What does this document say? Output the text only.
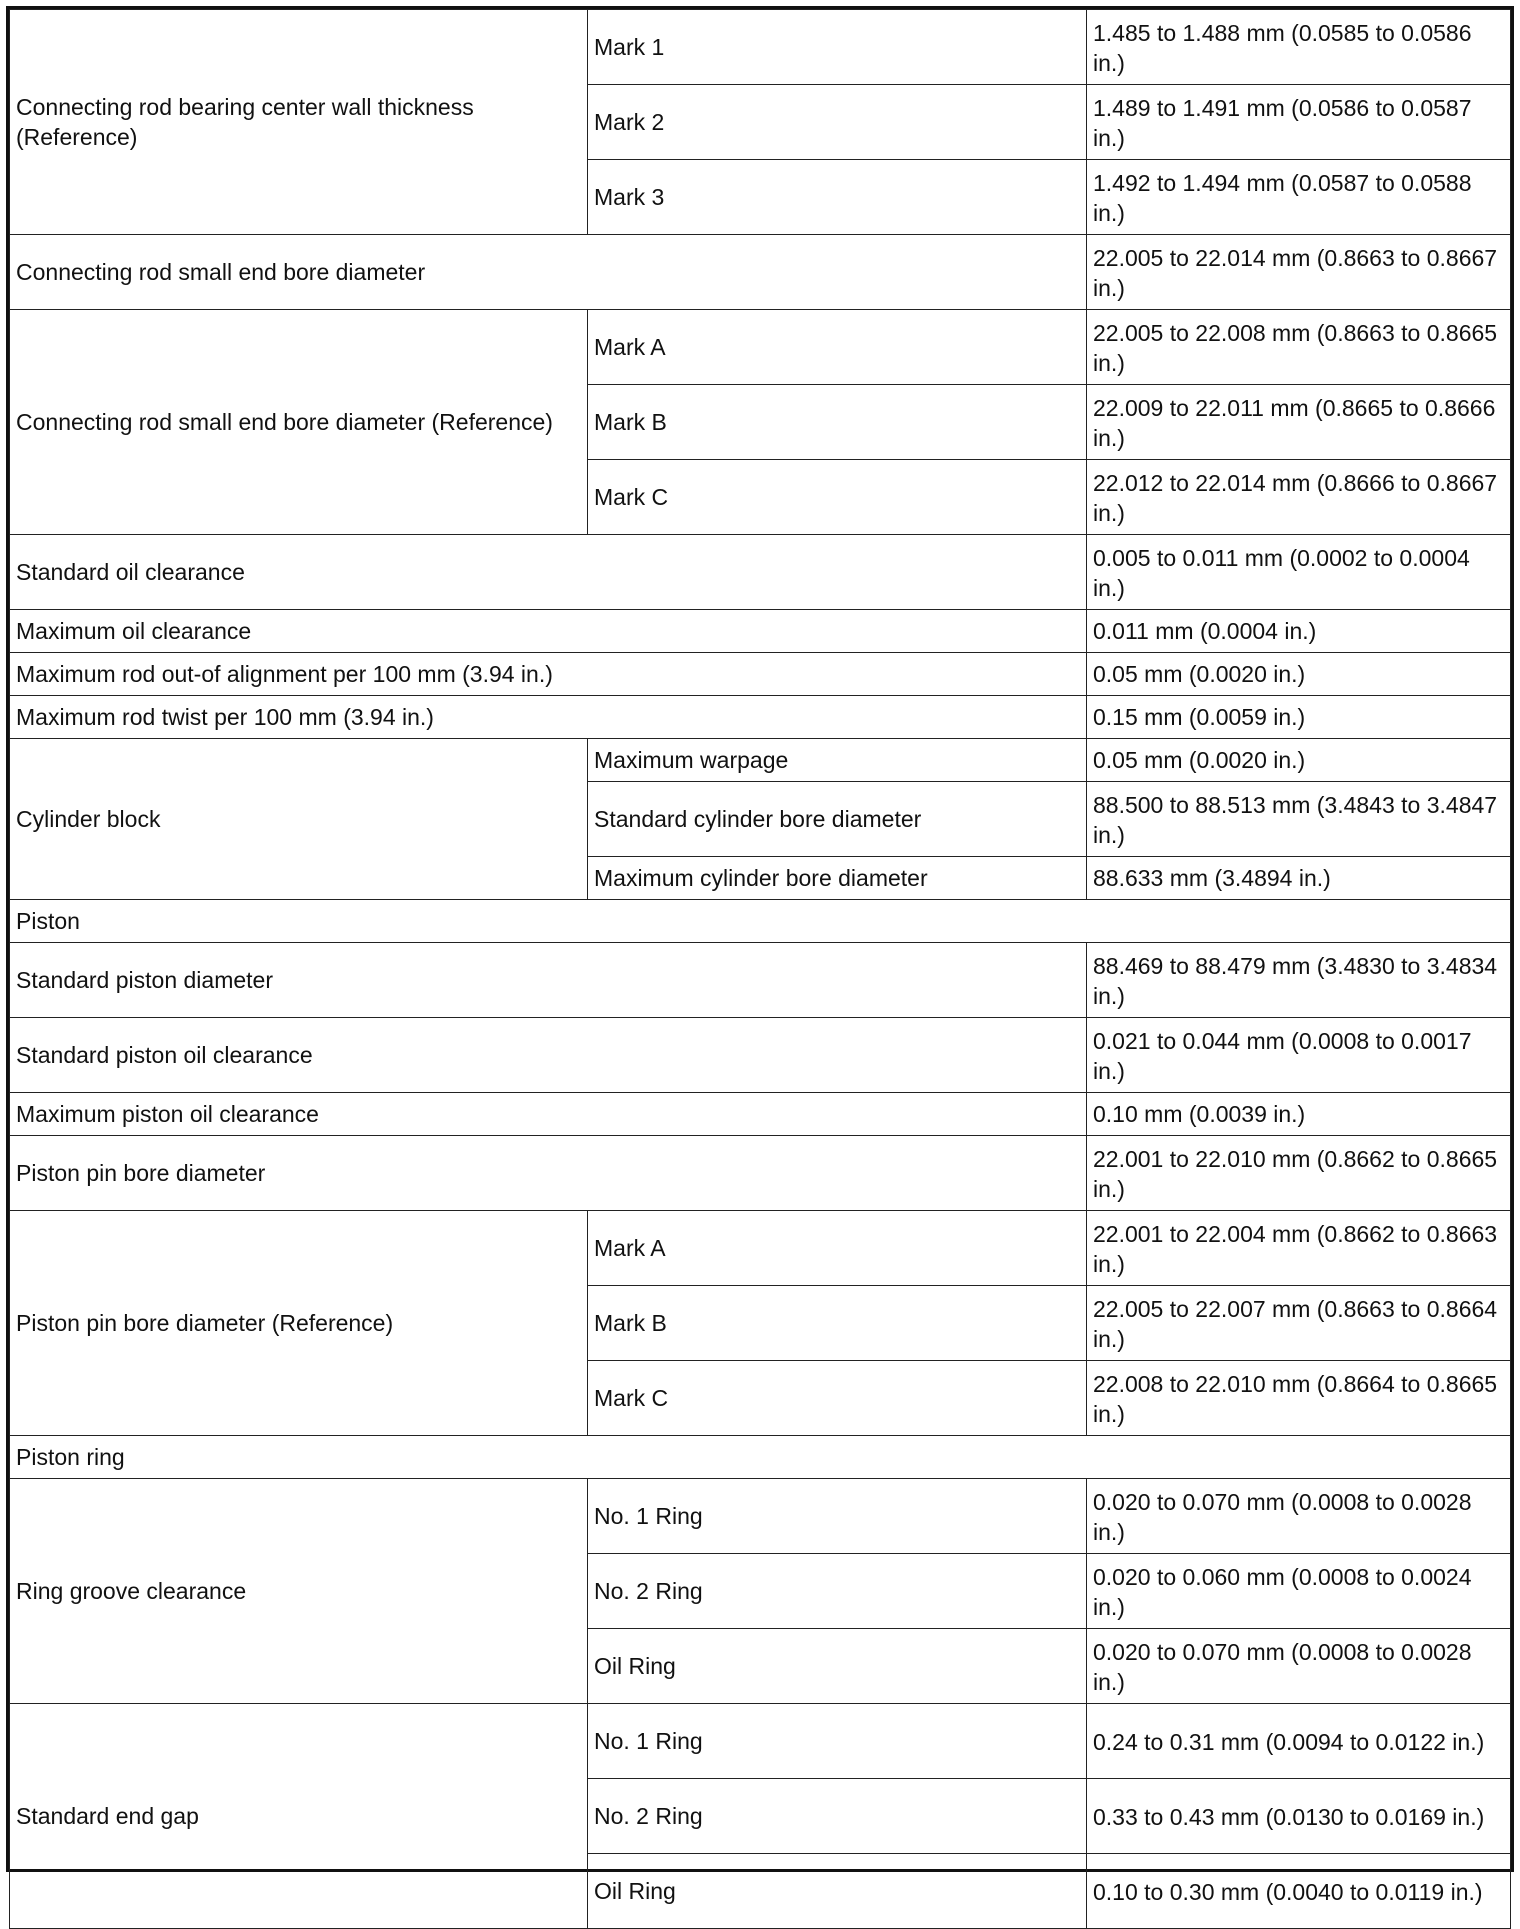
Connecting rod bearing center wall thickness (Reference)	Mark 1	1.485 to 1.488 mm (0.0585 to 0.0586 in.)
	Mark 2	1.489 to 1.491 mm (0.0586 to 0.0587 in.)
	Mark 3	1.492 to 1.494 mm (0.0587 to 0.0588 in.)
Connecting rod small end bore diameter		22.005 to 22.014 mm (0.8663 to 0.8667 in.)
Connecting rod small end bore diameter (Reference)	Mark A	22.005 to 22.008 mm (0.8663 to 0.8665 in.)
	Mark B	22.009 to 22.011 mm (0.8665 to 0.8666 in.)
	Mark C	22.012 to 22.014 mm (0.8666 to 0.8667 in.)
Standard oil clearance		0.005 to 0.011 mm (0.0002 to 0.0004 in.)
Maximum oil clearance		0.011 mm (0.0004 in.)
Maximum rod out-of alignment per 100 mm (3.94 in.)		0.05 mm (0.0020 in.)
Maximum rod twist per 100 mm (3.94 in.)		0.15 mm (0.0059 in.)
Cylinder block	Maximum warpage	0.05 mm (0.0020 in.)
	Standard cylinder bore diameter	88.500 to 88.513 mm (3.4843 to 3.4847 in.)
	Maximum cylinder bore diameter	88.633 mm (3.4894 in.)
Piston		
Standard piston diameter		88.469 to 88.479 mm (3.4830 to 3.4834 in.)
Standard piston oil clearance		0.021 to 0.044 mm (0.0008 to 0.0017 in.)
Maximum piston oil clearance		0.10 mm (0.0039 in.)
Piston pin bore diameter		22.001 to 22.010 mm (0.8662 to 0.8665 in.)
Piston pin bore diameter (Reference)	Mark A	22.001 to 22.004 mm (0.8662 to 0.8663 in.)
	Mark B	22.005 to 22.007 mm (0.8663 to 0.8664 in.)
	Mark C	22.008 to 22.010 mm (0.8664 to 0.8665 in.)
Piston ring		
Ring groove clearance	No. 1 Ring	0.020 to 0.070 mm (0.0008 to 0.0028 in.)
	No. 2 Ring	0.020 to 0.060 mm (0.0008 to 0.0024 in.)
	Oil Ring	0.020 to 0.070 mm (0.0008 to 0.0028 in.)
Standard end gap	No. 1 Ring	0.24 to 0.31 mm (0.0094 to 0.0122 in.)
	No. 2 Ring	0.33 to 0.43 mm (0.0130 to 0.0169 in.)
	Oil Ring	0.10 to 0.30 mm (0.0040 to 0.0119 in.)
